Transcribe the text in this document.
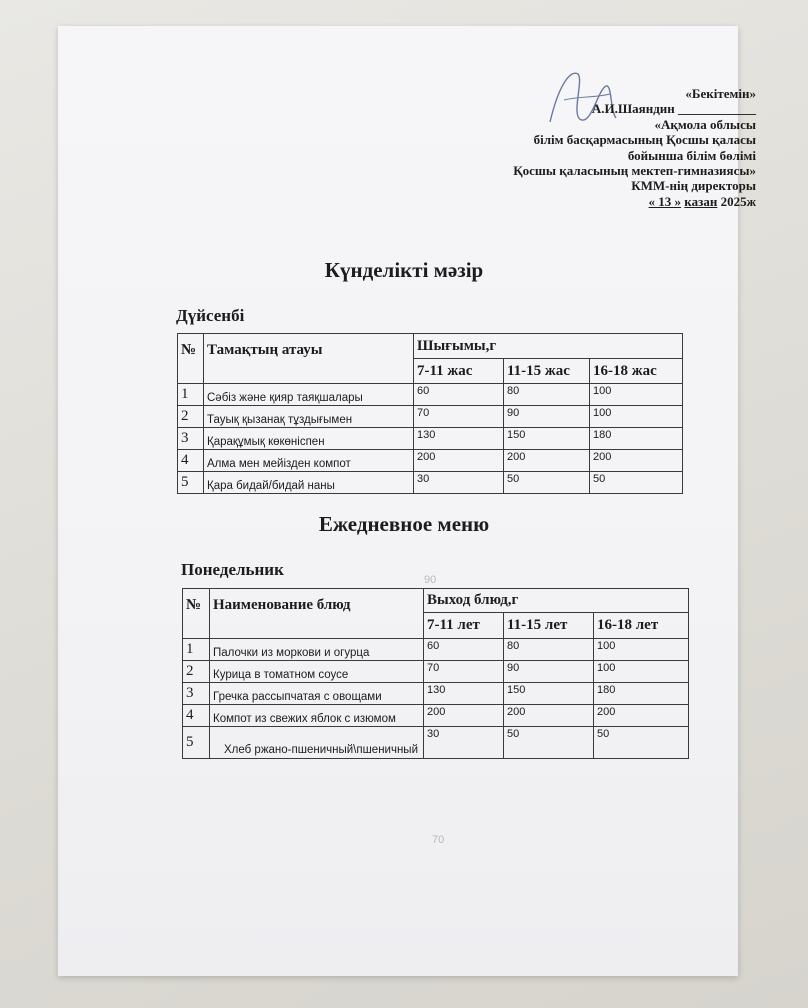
«Бекітемін»
А.И.Шаяндин ____________
«Ақмола облысы
білім басқармасының Қосшы қаласы
бойынша білім бөлімі
Қосшы қаласының мектеп-гимназиясы»
КММ-нің директоры
« 13 » казан 2025ж
Күнделікті мәзір
Дүйсенбі
№	Тамақтың атауы	Шығымы,г		
		7-11 жас	11-15 жас	16-18 жас
1	Сәбіз және қияр таяқшалары	60	80	100
2	Тауық қызанақ тұздығымен	70	90	100
3	Қарақұмық көкөніспен	130	150	180
4	Алма мен мейізден компот	200	200	200
5	Қара бидай/бидай наны	30	50	50
Ежедневное меню
90
Понедельник
№	Наименование блюд	Выход блюд,г		
		7-11 лет	11-15 лет	16-18 лет
1	Палочки из моркови и огурца	60	80	100
2	Курица в томатном соусе	70	90	100
3	Гречка рассыпчатая с овощами	130	150	180
4	Компот из свежих яблок с изюмом	200	200	200
5	Хлеб ржано-пшеничный\пшеничный	30	50	50
70
